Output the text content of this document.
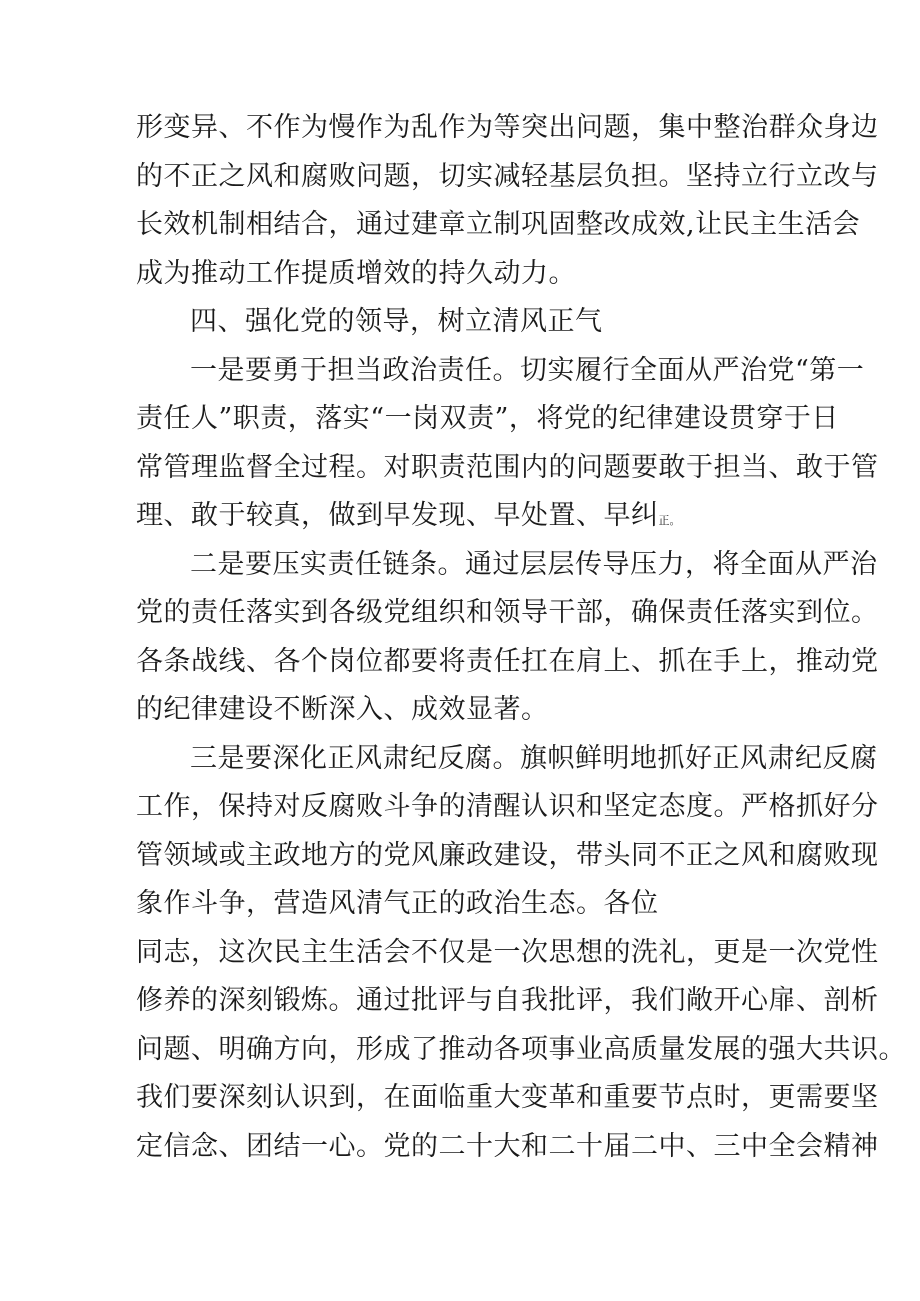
形变异、不作为慢作为乱作为等突出问题，集中整治群众身边
的不正之风和腐败问题，切实减轻基层负担。坚持立行立改与
长效机制相结合，通过建章立制巩固整改成效,让民主生活会
成为推动工作提质增效的持久动力。
四、强化党的领导，树立清风正气
一是要勇于担当政治责任。切实履行全面从严治党“第一
责任人”职责，落实“一岗双责”，将党的纪律建设贯穿于日
常管理监督全过程。对职责范围内的问题要敢于担当、敢于管
理、敢于较真，做到早发现、早处置、早纠正。
二是要压实责任链条。通过层层传导压力，将全面从严治
党的责任落实到各级党组织和领导干部，确保责任落实到位。
各条战线、各个岗位都要将责任扛在肩上、抓在手上，推动党
的纪律建设不断深入、成效显著。
三是要深化正风肃纪反腐。旗帜鲜明地抓好正风肃纪反腐
工作，保持对反腐败斗争的清醒认识和坚定态度。严格抓好分
管领域或主政地方的党风廉政建设，带头同不正之风和腐败现
象作斗争，营造风清气正的政治生态。各位
同志，这次民主生活会不仅是一次思想的洗礼，更是一次党性
修养的深刻锻炼。通过批评与自我批评，我们敞开心扉、剖析
问题、明确方向，形成了推动各项事业高质量发展的强大共识。
我们要深刻认识到，在面临重大变革和重要节点时，更需要坚
定信念、团结一心。党的二十大和二十届二中、三中全会精神
